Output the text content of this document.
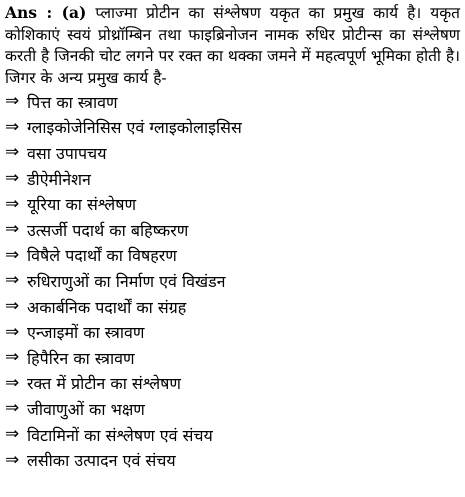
Ans : (a) प्लाज्मा प्रोटीन का संश्लेषण यकृत का प्रमुख कार्य है। यकृत कोशिकाएं स्वयं प्रोथ्रॉम्बिन तथा फाइब्रिनोजन नामक रुधिर प्रोटीन्स का संश्लेषण करती है जिनकी चोट लगने पर रक्त का थक्का जमने में महत्वपूर्ण भूमिका होती है। जिगर के अन्य प्रमुख कार्य है-

⇒ पित्त का स्त्रावण
⇒ ग्लाइकोजेनिसिस एवं ग्लाइकोलाइसिस
⇒ वसा उपापचय
⇒ डीऐमीनेशन
⇒ यूरिया का संश्लेषण
⇒ उत्सर्जी पदार्थ का बहिष्करण
⇒ विषैले पदार्थों का विषहरण
⇒ रुधिराणुओं का निर्माण एवं विखंडन
⇒ अकार्बनिक पदार्थों का संग्रह
⇒ एन्जाइमों का स्त्रावण
⇒ हिपैरिन का स्त्रावण
⇒ रक्त में प्रोटीन का संश्लेषण
⇒ जीवाणुओं का भक्षण
⇒ विटामिनों का संश्लेषण एवं संचय
⇒ लसीका उत्पादन एवं संचय
